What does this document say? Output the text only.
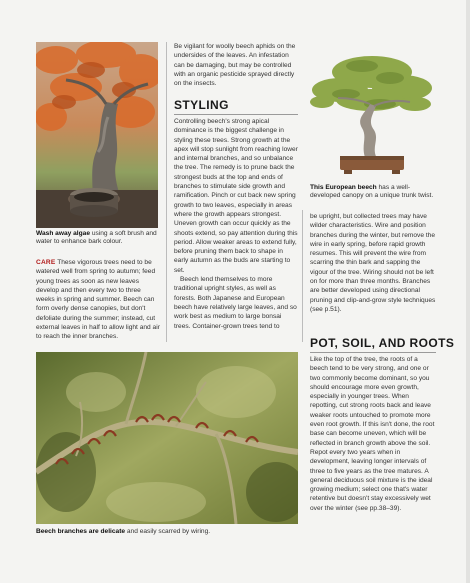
Wash away algae using a soft brush and water to enhance bark colour.

CARE These vigorous trees need to be watered well from spring to autumn; feed young trees as soon as new leaves develop and then every two to three weeks in spring and summer. Beech can form overly dense canopies, but don't defoliate during the summer; instead, cut external leaves in half to allow light and air to reach the inner branches.

Be vigilant for woolly beech aphids on the undersides of the leaves. An infestation can be damaging, but may be controlled with an organic pesticide sprayed directly on the insects.

STYLING

Controlling beech's strong apical dominance is the biggest challenge in styling these trees. Strong growth at the apex will stop sunlight from reaching lower and internal branches, and so unbalance the tree. The remedy is to prune back the strongest buds at the top and ends of branches to stimulate side growth and ramification. Pinch or cut back new spring growth to two leaves, especially in areas where the growth appears strongest. Uneven growth can occur quickly as the shoots extend, so pay attention during this period. Allow weaker areas to extend fully, before pruning them back to shape in early autumn as the buds are starting to set.

Beech lend themselves to more traditional upright styles, as well as forests. Both Japanese and European beech have relatively large leaves, and so work best as medium to large bonsai trees. Container-grown trees tend to

This European beech has a well-developed canopy on a unique trunk twist.

be upright, but collected trees may have wilder characteristics. Wire and position branches during the winter, but remove the wire in early spring, before rapid growth resumes. This will prevent the wire from scarring the thin bark and sapping the vigour of the tree. Wiring should not be left on for more than three months. Branches are better developed using directional pruning and clip-and-grow style techniques (see p.51).

POT, SOIL, AND ROOTS

Like the top of the tree, the roots of a beech tend to be very strong, and one or two commonly become dominant, so you should encourage more even growth, especially in younger trees. When repotting, cut strong roots back and leave weaker roots untouched to promote more even root growth. If this isn't done, the root base can become uneven, which will be reflected in branch growth above the soil. Repot every two years when in development, leaving longer intervals of three to five years as the tree matures. A general deciduous soil mixture is the ideal growing medium; select one that's water retentive but doesn't stay excessively wet over the winter (see pp.38–39).

Beech branches are delicate and easily scarred by wiring.
